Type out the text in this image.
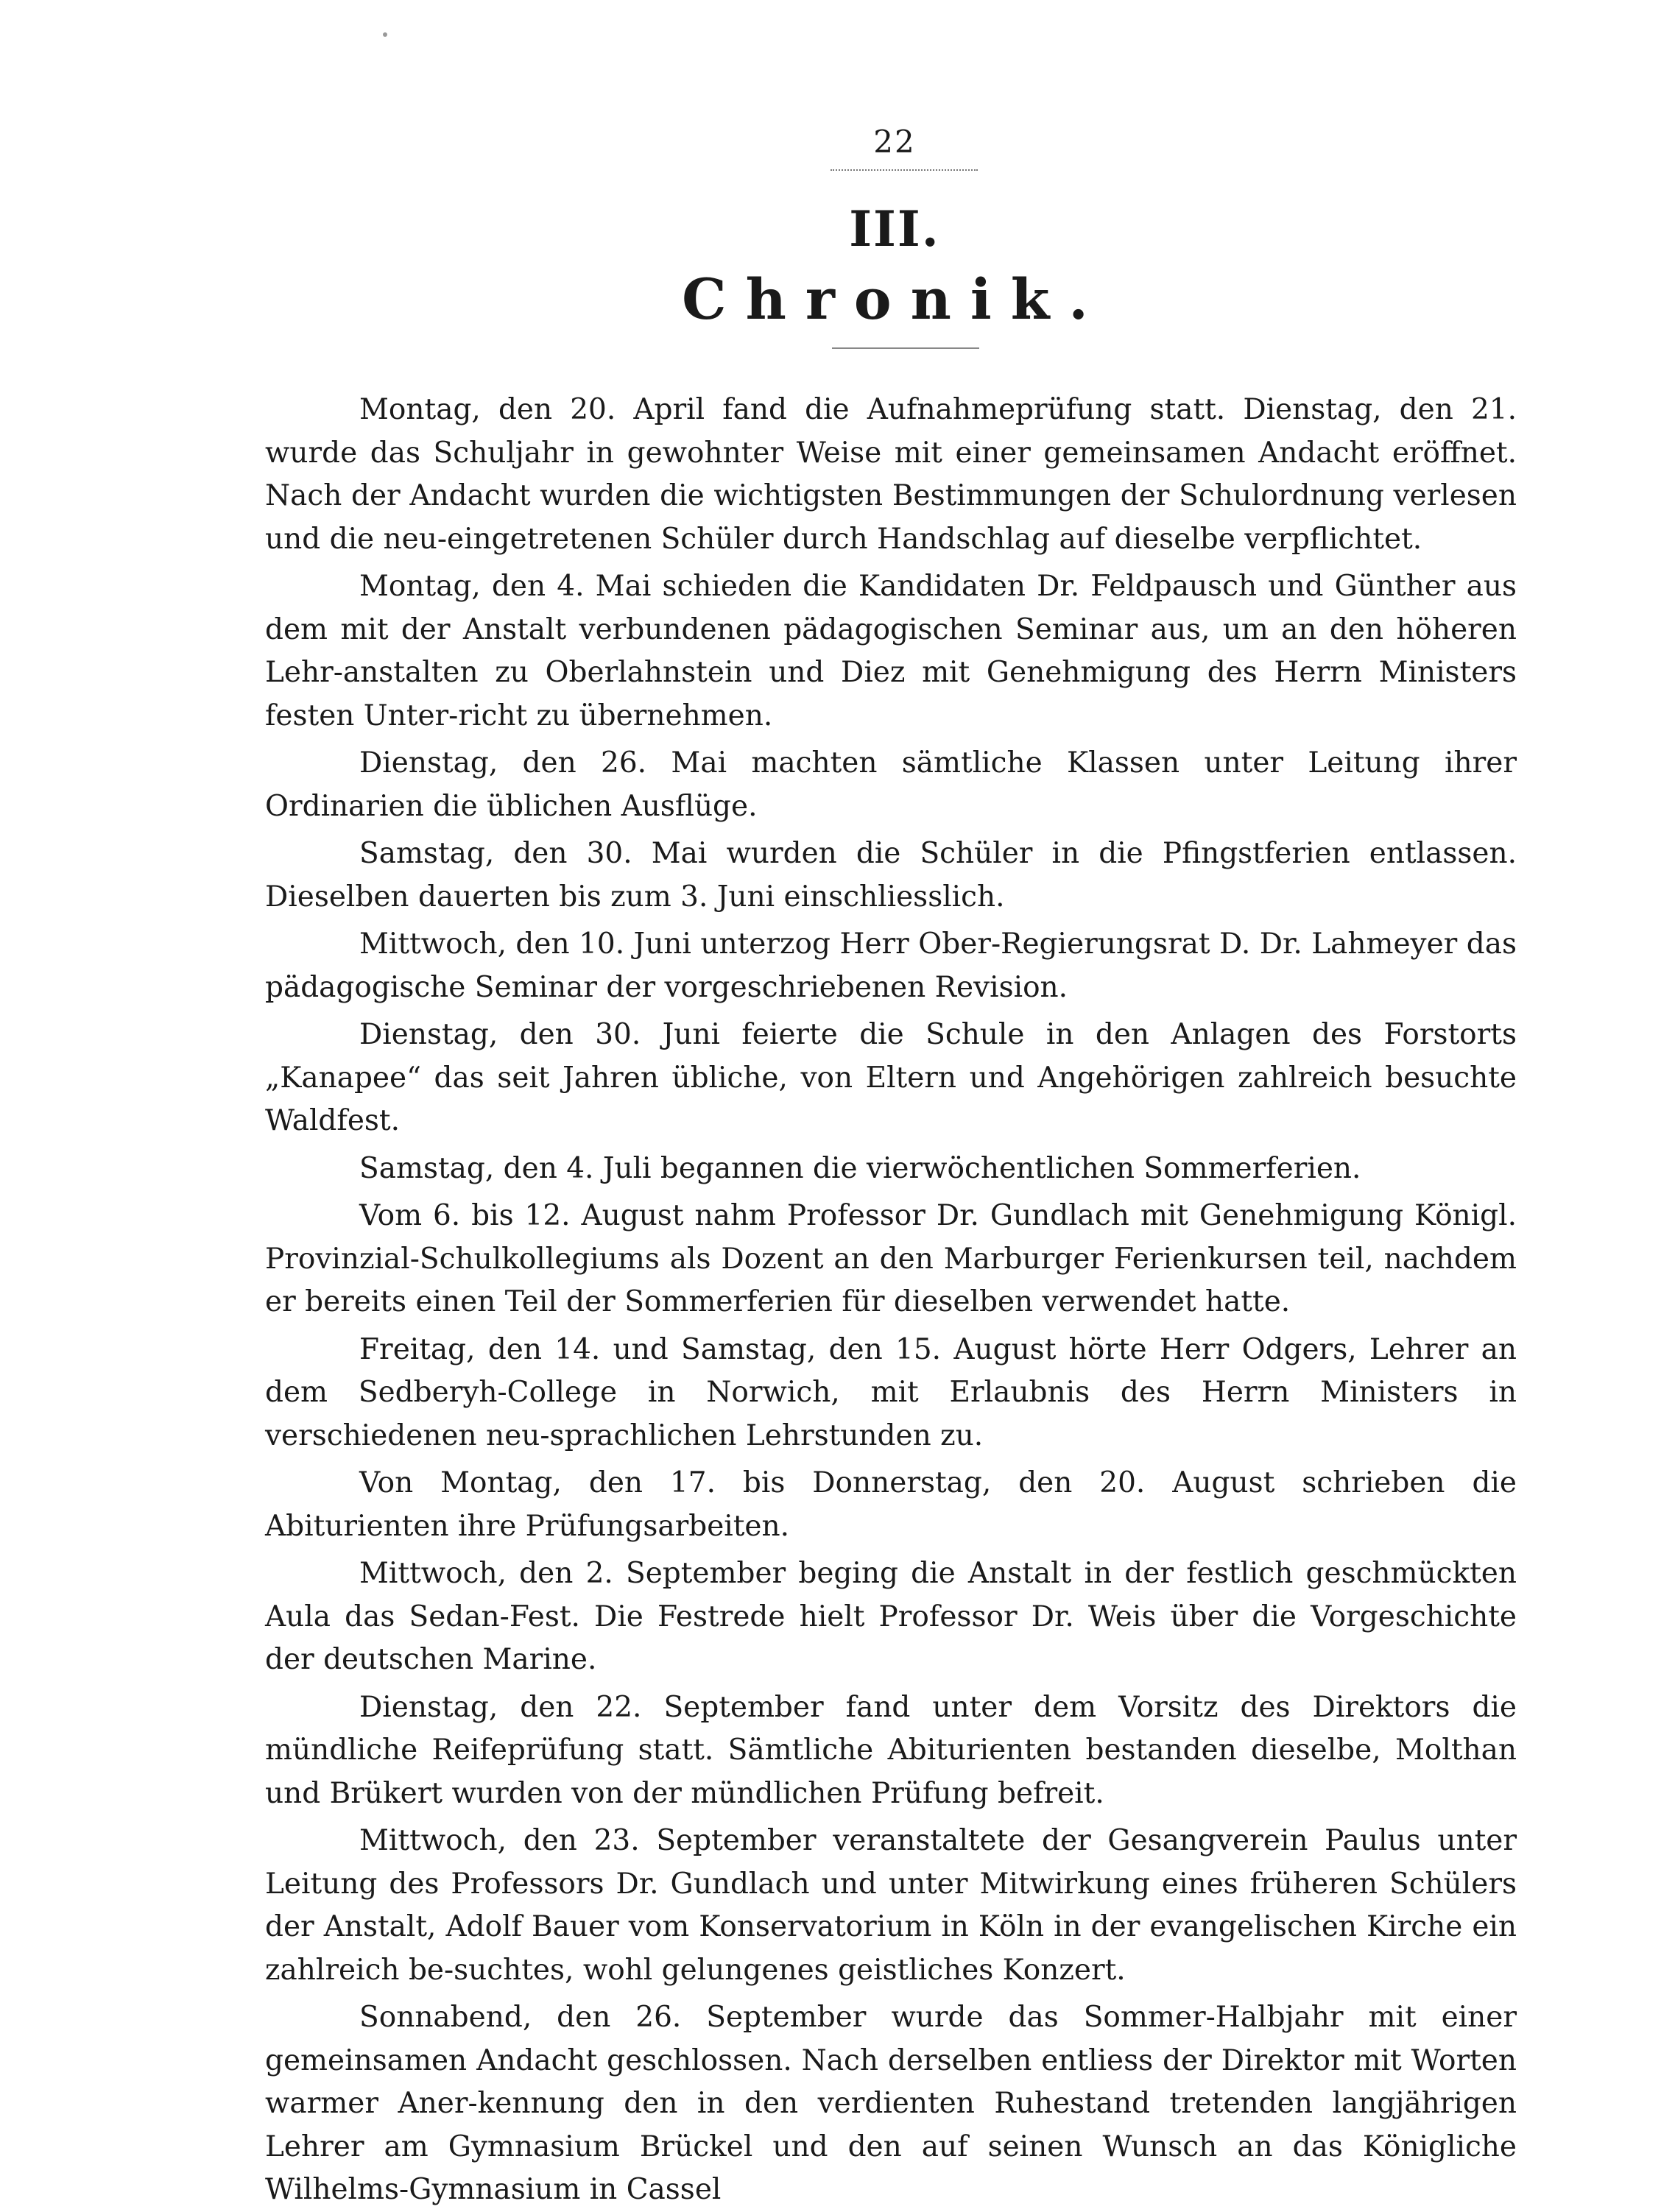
22
III.
Chronik.

Montag, den 20. April fand die Aufnahmeprüfung statt. Dienstag, den 21. wurde das Schuljahr in gewohnter Weise mit einer gemeinsamen Andacht eröffnet. Nach der Andacht wurden die wichtigsten Bestimmungen der Schulordnung verlesen und die neu-eingetretenen Schüler durch Handschlag auf dieselbe verpflichtet.

Montag, den 4. Mai schieden die Kandidaten Dr. Feldpausch und Günther aus dem mit der Anstalt verbundenen pädagogischen Seminar aus, um an den höheren Lehr-anstalten zu Oberlahnstein und Diez mit Genehmigung des Herrn Ministers festen Unter-richt zu übernehmen.

Dienstag, den 26. Mai machten sämtliche Klassen unter Leitung ihrer Ordinarien die üblichen Ausflüge.

Samstag, den 30. Mai wurden die Schüler in die Pfingstferien entlassen. Dieselben dauerten bis zum 3. Juni einschliesslich.

Mittwoch, den 10. Juni unterzog Herr Ober-Regierungsrat D. Dr. Lahmeyer das pädagogische Seminar der vorgeschriebenen Revision.

Dienstag, den 30. Juni feierte die Schule in den Anlagen des Forstorts „Kanapee“ das seit Jahren übliche, von Eltern und Angehörigen zahlreich besuchte Waldfest.

Samstag, den 4. Juli begannen die vierwöchentlichen Sommerferien.

Vom 6. bis 12. August nahm Professor Dr. Gundlach mit Genehmigung Königl. Provinzial-Schulkollegiums als Dozent an den Marburger Ferienkursen teil, nachdem er bereits einen Teil der Sommerferien für dieselben verwendet hatte.

Freitag, den 14. und Samstag, den 15. August hörte Herr Odgers, Lehrer an dem Sedberyh-College in Norwich, mit Erlaubnis des Herrn Ministers in verschiedenen neu-sprachlichen Lehrstunden zu.

Von Montag, den 17. bis Donnerstag, den 20. August schrieben die Abiturienten ihre Prüfungsarbeiten.

Mittwoch, den 2. September beging die Anstalt in der festlich geschmückten Aula das Sedan-Fest. Die Festrede hielt Professor Dr. Weis über die Vorgeschichte der deutschen Marine.

Dienstag, den 22. September fand unter dem Vorsitz des Direktors die mündliche Reifeprüfung statt. Sämtliche Abiturienten bestanden dieselbe, Molthan und Brükert wurden von der mündlichen Prüfung befreit.

Mittwoch, den 23. September veranstaltete der Gesangverein Paulus unter Leitung des Professors Dr. Gundlach und unter Mitwirkung eines früheren Schülers der Anstalt, Adolf Bauer vom Konservatorium in Köln in der evangelischen Kirche ein zahlreich be-suchtes, wohl gelungenes geistliches Konzert.

Sonnabend, den 26. September wurde das Sommer-Halbjahr mit einer gemeinsamen Andacht geschlossen. Nach derselben entliess der Direktor mit Worten warmer Aner-kennung den in den verdienten Ruhestand tretenden langjährigen Lehrer am Gymnasium Brückel und den auf seinen Wunsch an das Königliche Wilhelms-Gymnasium in Cassel
